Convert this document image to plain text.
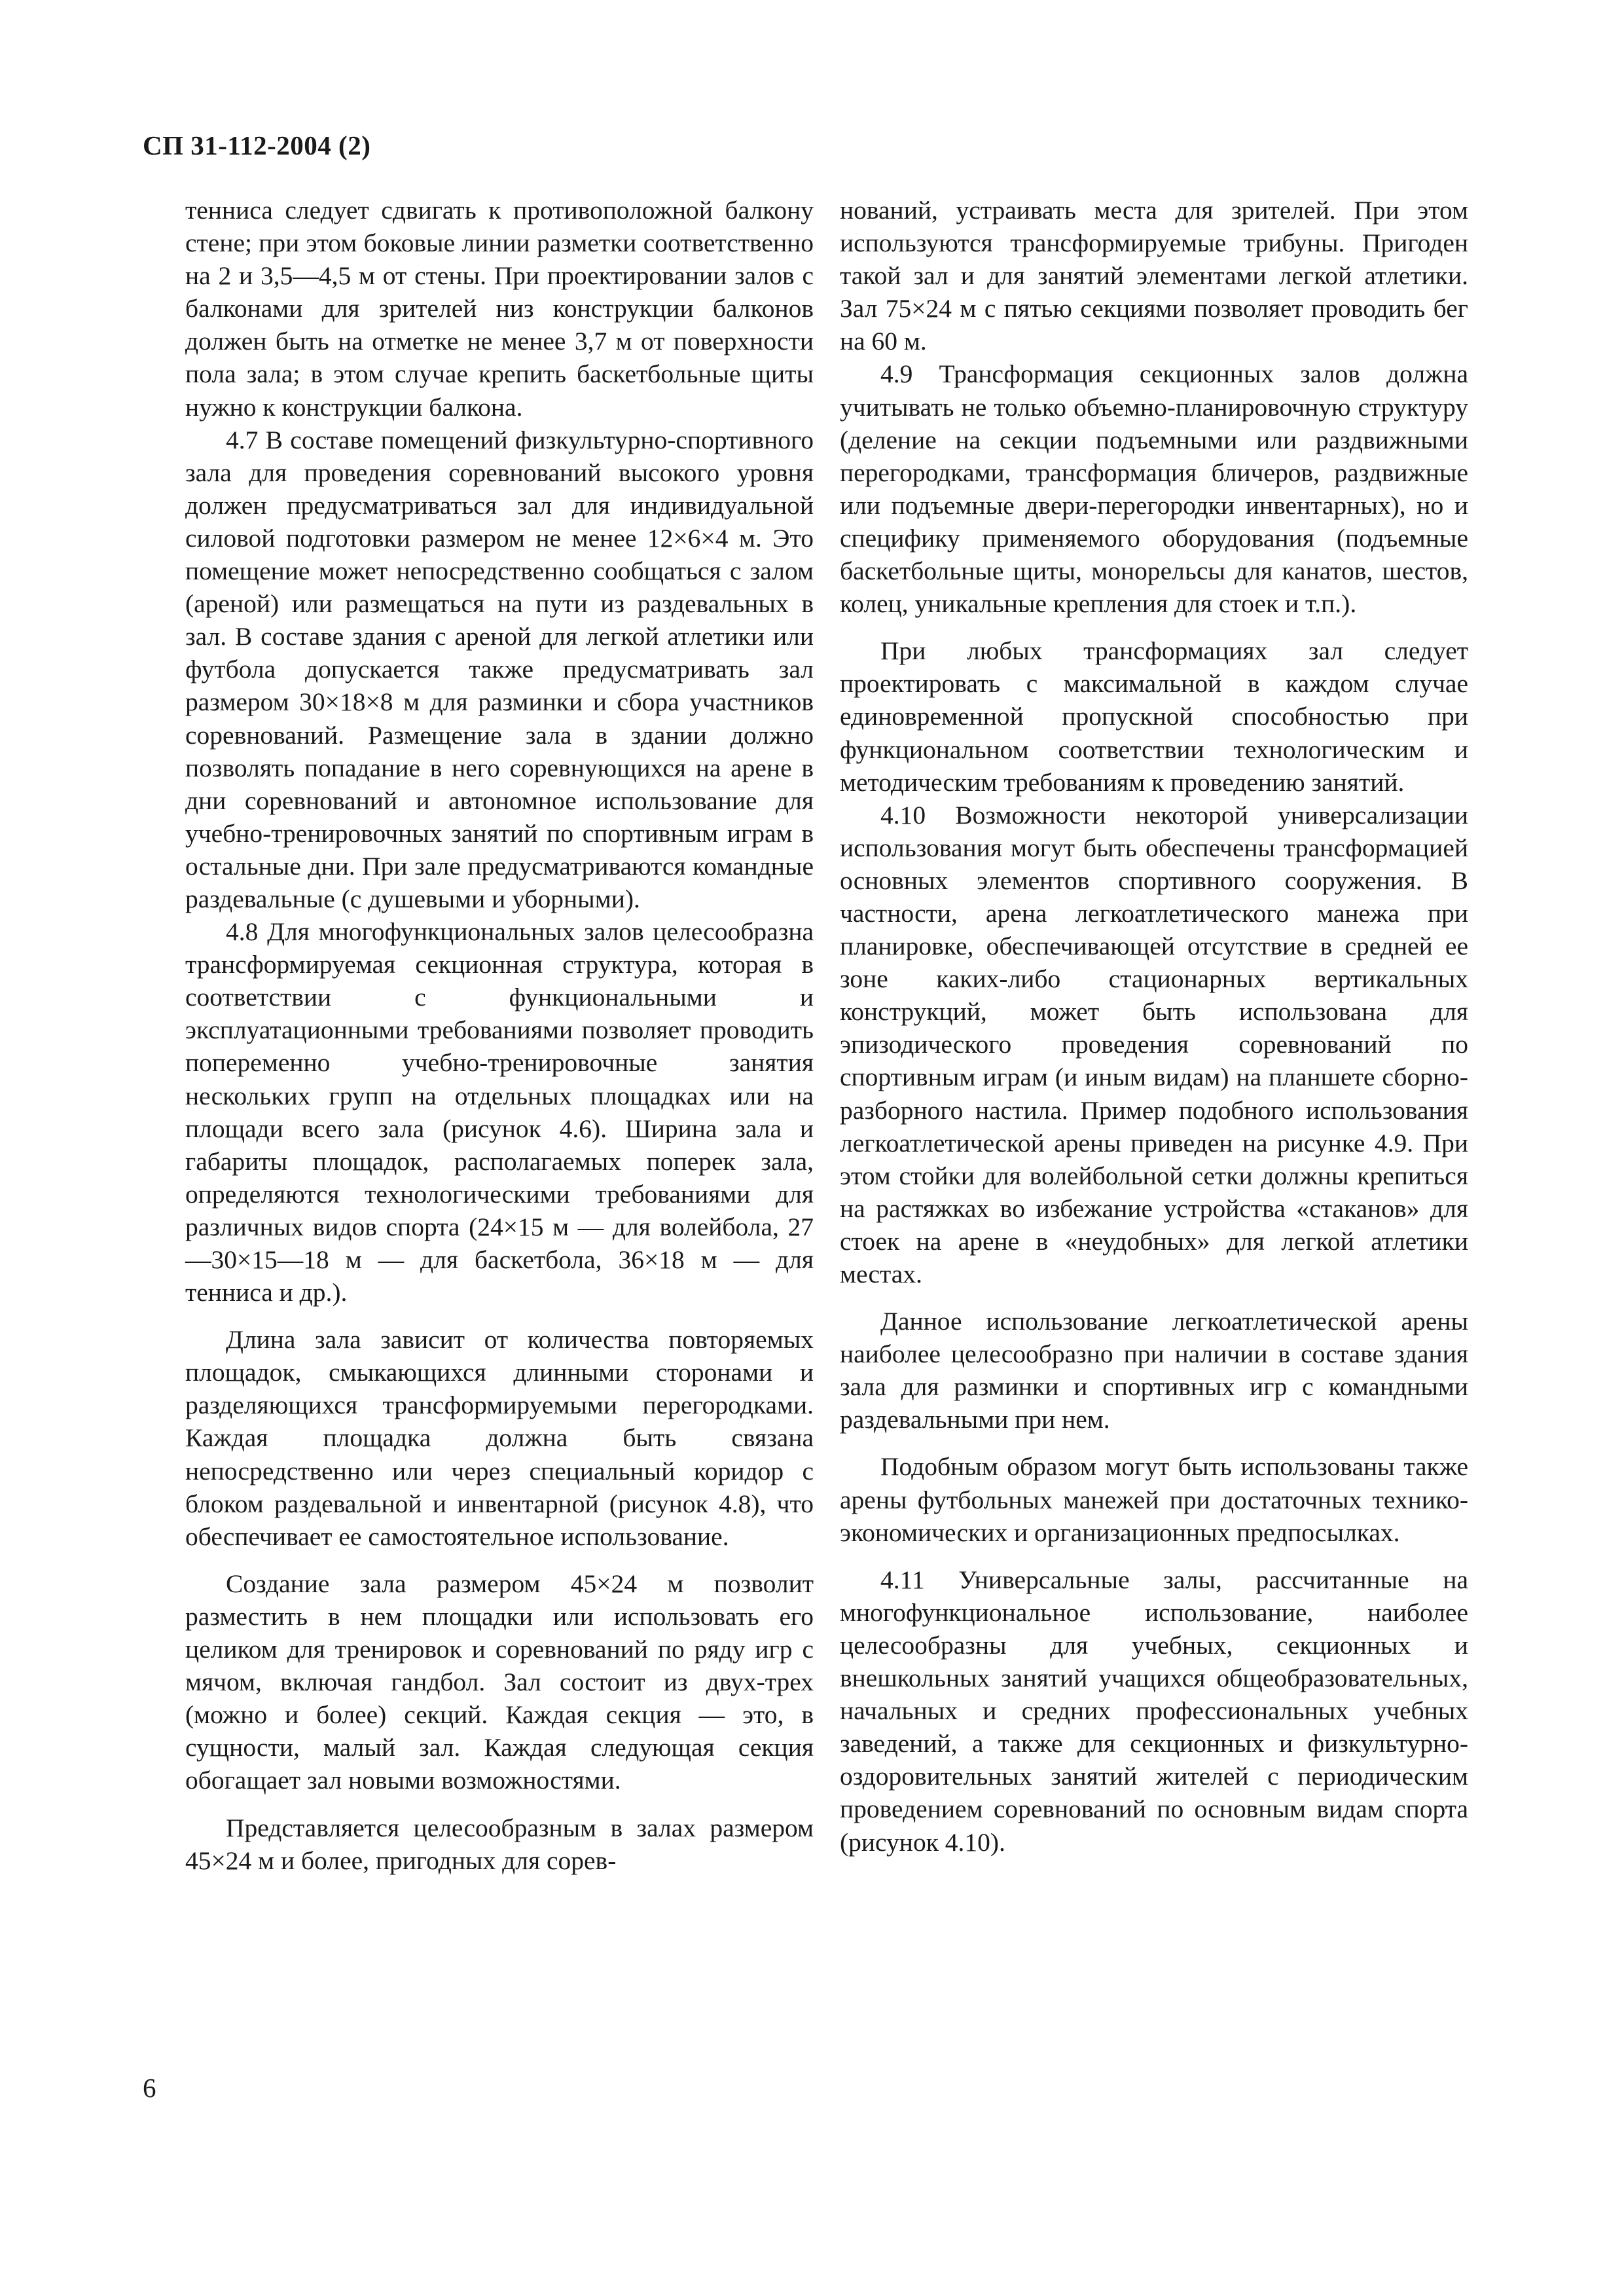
СП 31-112-2004 (2)

тенниса следует сдвигать к противоположной балкону стене; при этом боковые линии разметки соответственно на 2 и 3,5—4,5 м от стены. При проектировании залов с балконами для зрителей низ конструкции балконов должен быть на отметке не менее 3,7 м от поверхности пола зала; в этом случае крепить баскетбольные щиты нужно к конструкции балкона.

4.7 В составе помещений физкультурно-спортивного зала для проведения соревнований высокого уровня должен предусматриваться зал для индивидуальной силовой подготовки размером не менее 12×6×4 м. Это помещение может непосредственно сообщаться с залом (ареной) или размещаться на пути из раздевальных в зал. В составе здания с ареной для легкой атлетики или футбола допускается также предусматривать зал размером 30×18×8 м для разминки и сбора участников соревнований. Размещение зала в здании должно позволять попадание в него соревнующихся на арене в дни соревнований и автономное использование для учебно-тренировочных занятий по спортивным играм в остальные дни. При зале предусматриваются командные раздевальные (с душевыми и уборными).

4.8 Для многофункциональных залов целесообразна трансформируемая секционная структура, которая в соответствии с функциональными и эксплуатационными требованиями позволяет проводить попеременно учебно-тренировочные занятия нескольких групп на отдельных площадках или на площади всего зала (рисунок 4.6). Ширина зала и габариты площадок, располагаемых поперек зала, определяются технологическими требованиями для различных видов спорта (24×15 м — для волейбола, 27—30×15—18 м — для баскетбола, 36×18 м — для тенниса и др.).

Длина зала зависит от количества повторяемых площадок, смыкающихся длинными сторонами и разделяющихся трансформируемыми перегородками. Каждая площадка должна быть связана непосредственно или через специальный коридор с блоком раздевальной и инвентарной (рисунок 4.8), что обеспечивает ее самостоятельное использование.

Создание зала размером 45×24 м позволит разместить в нем площадки или использовать его целиком для тренировок и соревнований по ряду игр с мячом, включая гандбол. Зал состоит из двух-трех (можно и более) секций. Каждая секция — это, в сущности, малый зал. Каждая следующая секция обогащает зал новыми возможностями.

Представляется целесообразным в залах размером 45×24 м и более, пригодных для сорев-

нований, устраивать места для зрителей. При этом используются трансформируемые трибуны. Пригоден такой зал и для занятий элементами легкой атлетики. Зал 75×24 м с пятью секциями позволяет проводить бег на 60 м.

4.9 Трансформация секционных залов должна учитывать не только объемно-планировочную структуру (деление на секции подъемными или раздвижными перегородками, трансформация бличеров, раздвижные или подъемные двери-перегородки инвентарных), но и специфику применяемого оборудования (подъемные баскетбольные щиты, монорельсы для канатов, шестов, колец, уникальные крепления для стоек и т.п.).

При любых трансформациях зал следует проектировать с максимальной в каждом случае единовременной пропускной способностью при функциональном соответствии технологическим и методическим требованиям к проведению занятий.

4.10 Возможности некоторой универсализации использования могут быть обеспечены трансформацией основных элементов спортивного сооружения. В частности, арена легкоатлетического манежа при планировке, обеспечивающей отсутствие в средней ее зоне каких-либо стационарных вертикальных конструкций, может быть использована для эпизодического проведения соревнований по спортивным играм (и иным видам) на планшете сборно-разборного настила. Пример подобного использования легкоатлетической арены приведен на рисунке 4.9. При этом стойки для волейбольной сетки должны крепиться на растяжках во избежание устройства «стаканов» для стоек на арене в «неудобных» для легкой атлетики местах.

Данное использование легкоатлетической арены наиболее целесообразно при наличии в составе здания зала для разминки и спортивных игр с командными раздевальными при нем.

Подобным образом могут быть использованы также арены футбольных манежей при достаточных технико-экономических и организационных предпосылках.

4.11 Универсальные залы, рассчитанные на многофункциональное использование, наиболее целесообразны для учебных, секционных и внешкольных занятий учащихся общеобразовательных, начальных и средних профессиональных учебных заведений, а также для секционных и физкультурно-оздоровительных занятий жителей с периодическим проведением соревнований по основным видам спорта (рисунок 4.10).

6
